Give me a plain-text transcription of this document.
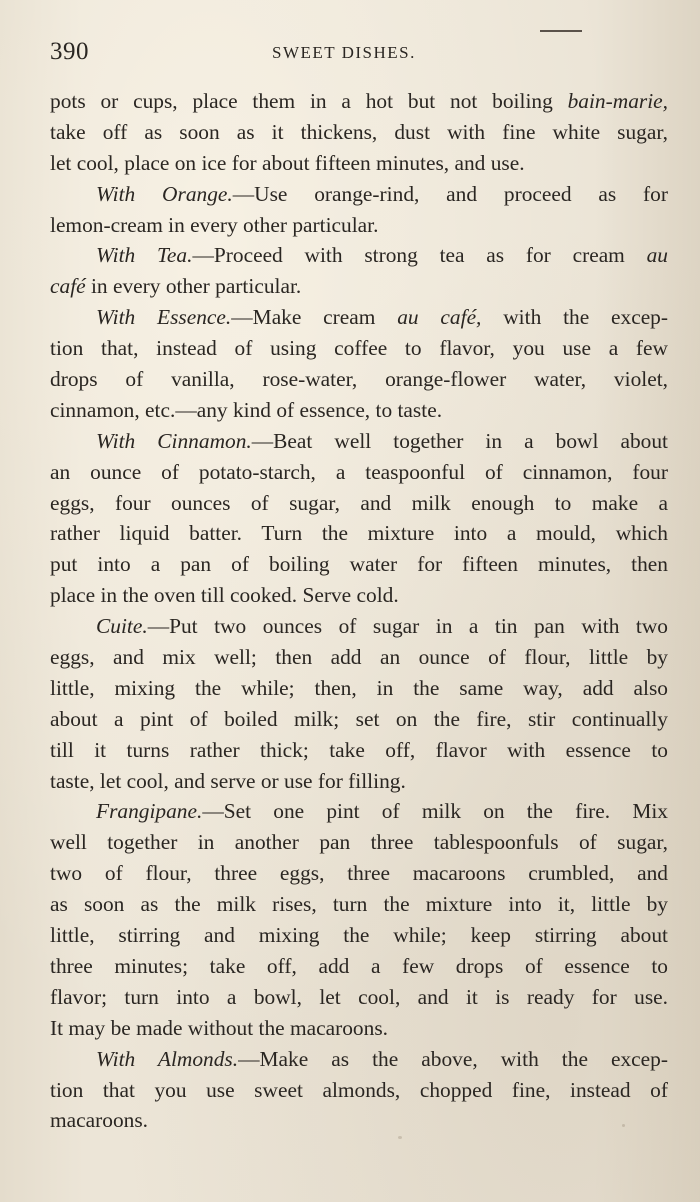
390	SWEET DISHES.
pots or cups, place them in a hot but not boiling bain-marie,
take off as soon as it thickens, dust with fine white sugar,
let cool, place on ice for about fifteen minutes, and use.
With Orange.—Use orange-rind, and proceed as for
lemon-cream in every other particular.
With Tea.—Proceed with strong tea as for cream au
café in every other particular.
With Essence.—Make cream au café, with the excep-
tion that, instead of using coffee to flavor, you use a few
drops of vanilla, rose-water, orange-flower water, violet,
cinnamon, etc.—any kind of essence, to taste.
With Cinnamon.—Beat well together in a bowl about
an ounce of potato-starch, a teaspoonful of cinnamon, four
eggs, four ounces of sugar, and milk enough to make a
rather liquid batter. Turn the mixture into a mould, which
put into a pan of boiling water for fifteen minutes, then
place in the oven till cooked. Serve cold.
Cuite.—Put two ounces of sugar in a tin pan with two
eggs, and mix well; then add an ounce of flour, little by
little, mixing the while; then, in the same way, add also
about a pint of boiled milk; set on the fire, stir continually
till it turns rather thick; take off, flavor with essence to
taste, let cool, and serve or use for filling.
Frangipane.—Set one pint of milk on the fire. Mix
well together in another pan three tablespoonfuls of sugar,
two of flour, three eggs, three macaroons crumbled, and
as soon as the milk rises, turn the mixture into it, little by
little, stirring and mixing the while; keep stirring about
three minutes; take off, add a few drops of essence to
flavor; turn into a bowl, let cool, and it is ready for use.
It may be made without the macaroons.
With Almonds.—Make as the above, with the excep-
tion that you use sweet almonds, chopped fine, instead of
macaroons.
